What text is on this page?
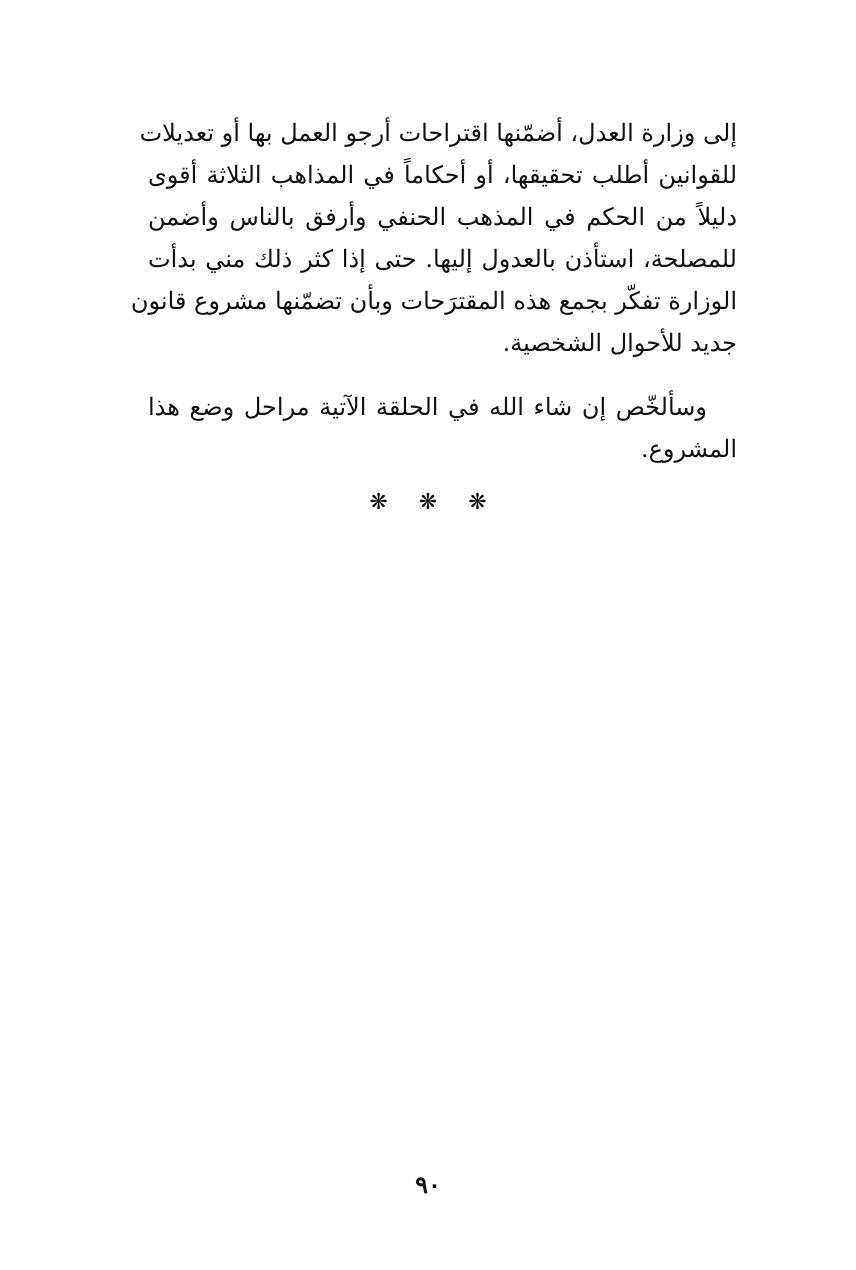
إلى وزارة العدل، أضمّنها اقتراحات أرجو العمل بها أو تعديلات
للقوانين أطلب تحقيقها، أو أحكاماً في المذاهب الثلاثة أقوى
دليلاً من الحكم في المذهب الحنفي وأرفق بالناس وأضمن
للمصلحة، استأذن بالعدول إليها. حتى إذا كثر ذلك مني بدأت
الوزارة تفكّر بجمع هذه المقترَحات وبأن تضمّنها مشروع قانون
جديد للأحوال الشخصية.
وسألخّص إن شاء الله في الحلقة الآتية مراحل وضع هذا
المشروع.
❋ ❋ ❋
٩٠
